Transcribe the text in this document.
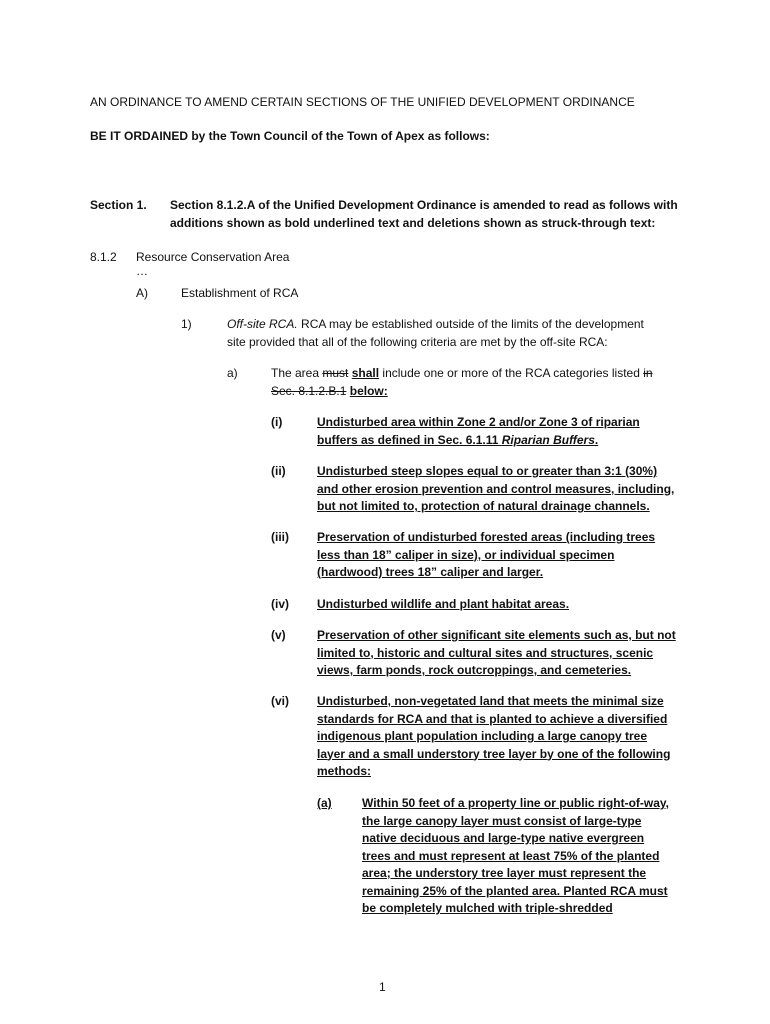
AN ORDINANCE TO AMEND CERTAIN SECTIONS OF THE UNIFIED DEVELOPMENT ORDINANCE
BE IT ORDAINED by the Town Council of the Town of Apex as follows:
Section 1. Section 8.1.2.A of the Unified Development Ordinance is amended to read as follows with
additions shown as bold underlined text and deletions shown as struck-through text:
8.1.2 Resource Conservation Area
…
A)	Establishment of RCA
1)	Off-site RCA. RCA may be established outside of the limits of the development
site provided that all of the following criteria are met by the off-site RCA:
a)	The area must shall include one or more of the RCA categories listed in
Sec. 8.1.2.B.1 below:
(i)	Undisturbed area within Zone 2 and/or Zone 3 of riparian
buffers as defined in Sec. 6.1.11 Riparian Buffers.
(ii)	Undisturbed steep slopes equal to or greater than 3:1 (30%)
and other erosion prevention and control measures, including,
but not limited to, protection of natural drainage channels.
(iii) Preservation of undisturbed forested areas (including trees
less than 18” caliper in size), or individual specimen
(hardwood) trees 18” caliper and larger.
(iv) Undisturbed wildlife and plant habitat areas.
(v)	Preservation of other significant site elements such as, but not
limited to, historic and cultural sites and structures, scenic
views, farm ponds, rock outcroppings, and cemeteries.
(vi) Undisturbed, non-vegetated land that meets the minimal size
standards for RCA and that is planted to achieve a diversified
indigenous plant population including a large canopy tree
layer and a small understory tree layer by one of the following
methods:
(a)	Within 50 feet of a property line or public right-of-way,
the large canopy layer must consist of large-type
native deciduous and large-type native evergreen
trees and must represent at least 75% of the planted
area; the understory tree layer must represent the
remaining 25% of the planted area. Planted RCA must
be completely mulched with triple-shredded
1
